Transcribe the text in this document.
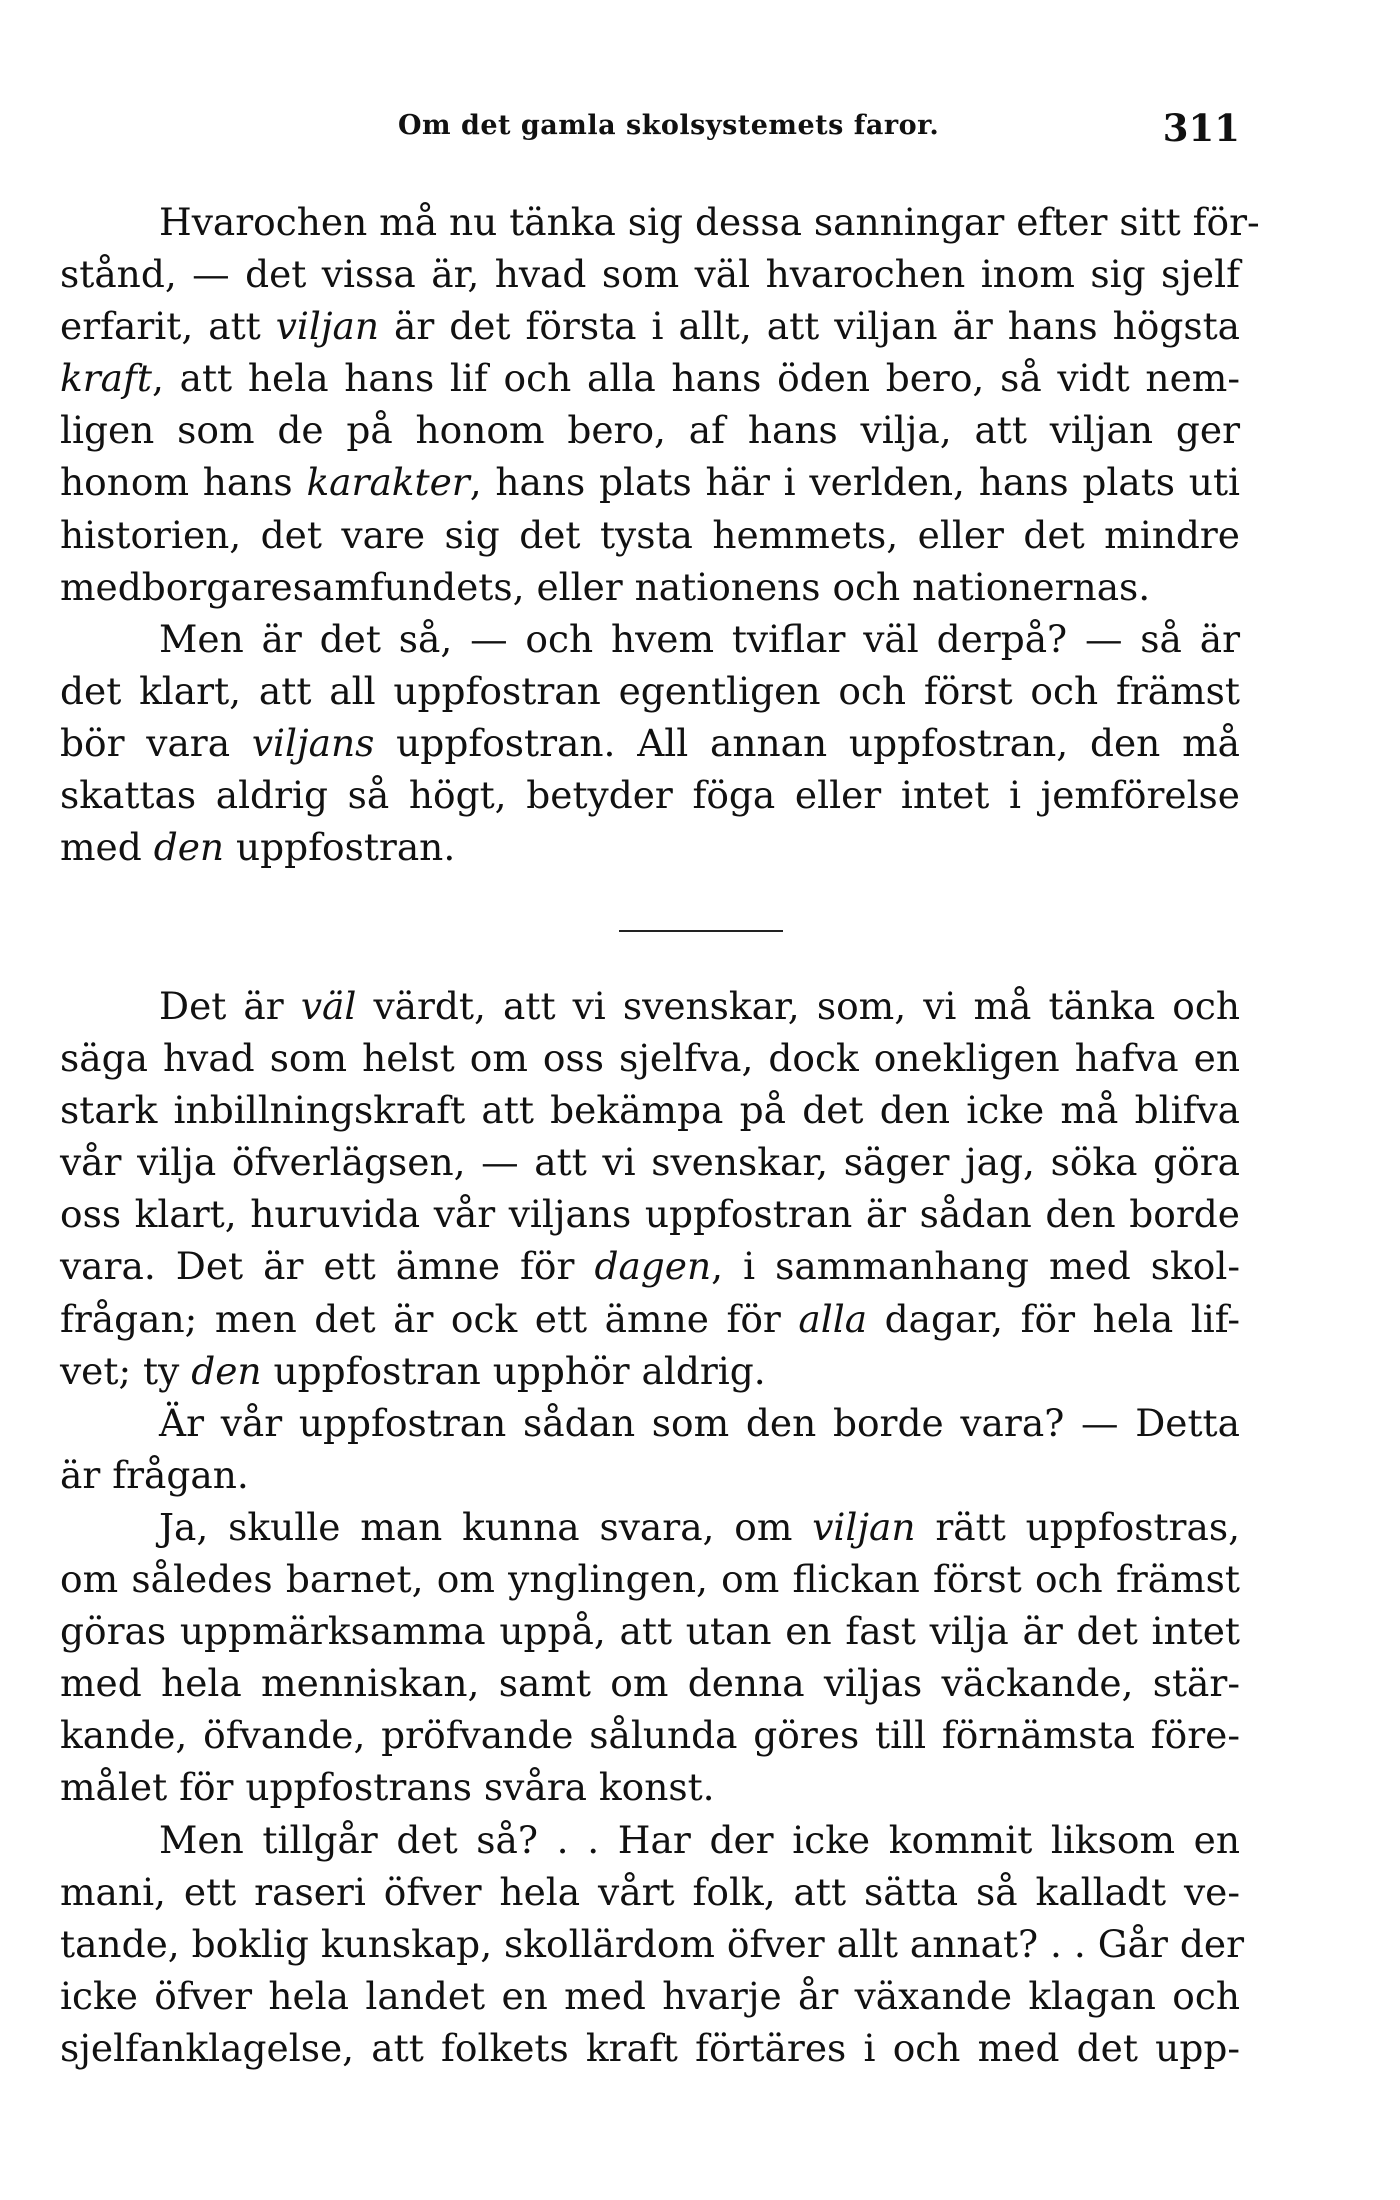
Om det gamla skolsystemets faror.	311

Hvarochen må nu tänka sig dessa sanningar efter sitt för-
stånd, — det vissa är, hvad som väl hvarochen inom sig sjelf
erfarit, att viljan är det första i allt, att viljan är hans högsta
kraft, att hela hans lif och alla hans öden bero, så vidt nem-
ligen som de på honom bero, af hans vilja, att viljan ger
honom hans karakter, hans plats här i verlden, hans plats uti
historien, det vare sig det tysta hemmets, eller det mindre
medborgaresamfundets, eller nationens och nationernas.

Men är det så, — och hvem tviflar väl derpå? — så är
det klart, att all uppfostran egentligen och först och främst
bör vara viljans uppfostran. All annan uppfostran, den må
skattas aldrig så högt, betyder föga eller intet i jemförelse
med den uppfostran.

Det är väl värdt, att vi svenskar, som, vi må tänka och
säga hvad som helst om oss sjelfva, dock onekligen hafva en
stark inbillningskraft att bekämpa på det den icke må blifva
vår vilja öfverlägsen, — att vi svenskar, säger jag, söka göra
oss klart, huruvida vår viljans uppfostran är sådan den borde
vara. Det är ett ämne för dagen, i sammanhang med skol-
frågan; men det är ock ett ämne för alla dagar, för hela lif-
vet; ty den uppfostran upphör aldrig.

Är vår uppfostran sådan som den borde vara? — Detta
är frågan.

Ja, skulle man kunna svara, om viljan rätt uppfostras,
om således barnet, om ynglingen, om flickan först och främst
göras uppmärksamma uppå, att utan en fast vilja är det intet
med hela menniskan, samt om denna viljas väckande, stär-
kande, öfvande, pröfvande sålunda göres till förnämsta före-
målet för uppfostrans svåra konst.

Men tillgår det så? . . Har der icke kommit liksom en
mani, ett raseri öfver hela vårt folk, att sätta så kalladt ve-
tande, boklig kunskap, skollärdom öfver allt annat? . . Går der
icke öfver hela landet en med hvarje år växande klagan och
sjelfanklagelse, att folkets kraft förtäres i och med det upp-
